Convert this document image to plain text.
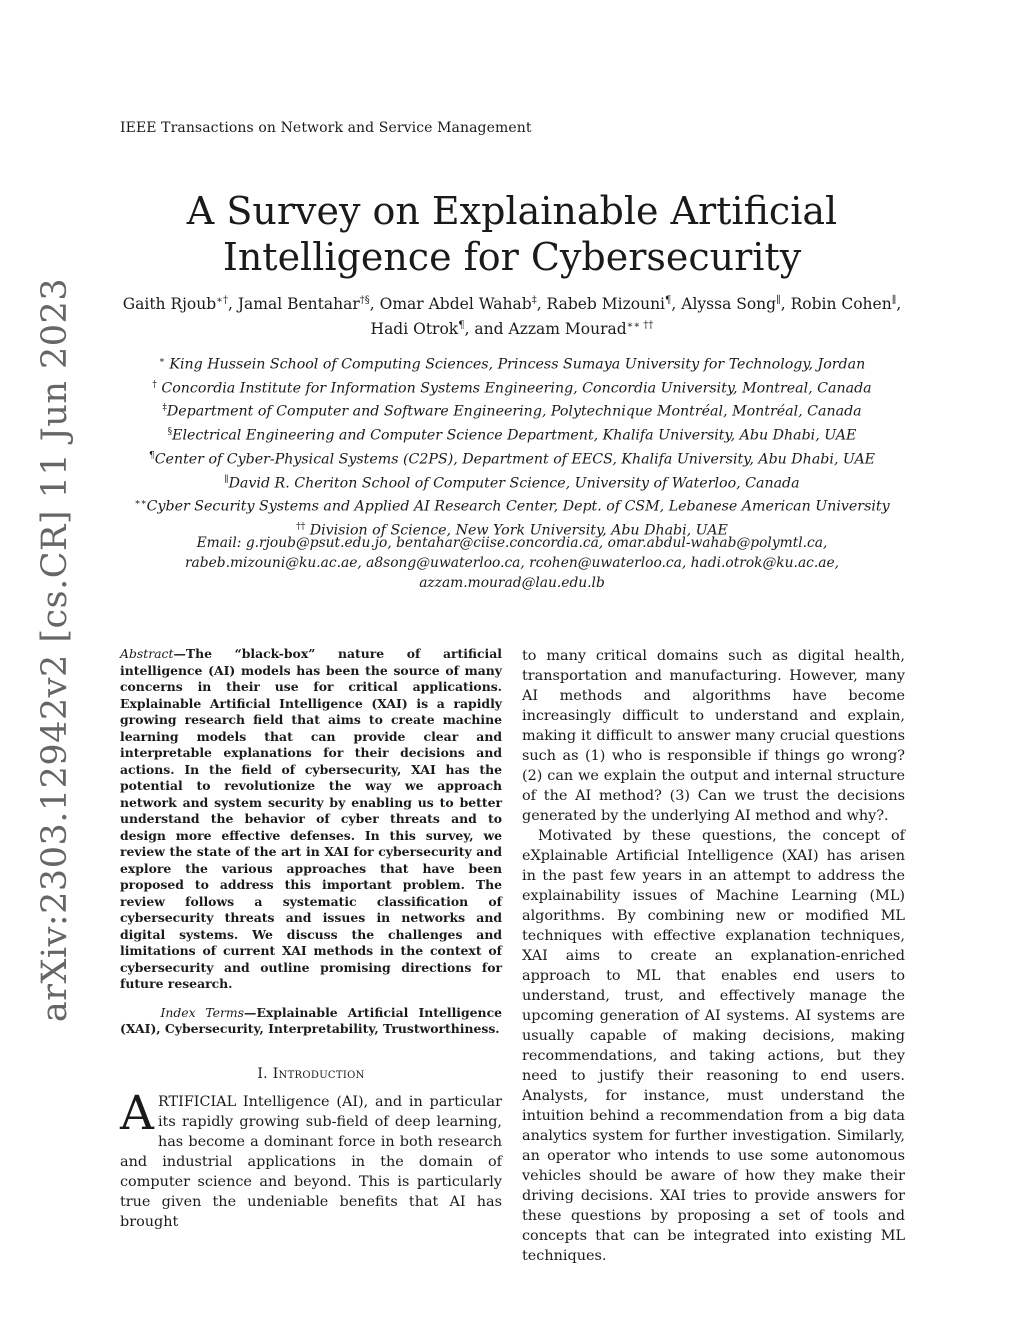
IEEE Transactions on Network and Service Management
arXiv:2303.12942v2 [cs.CR] 11 Jun 2023
A Survey on Explainable Artificial Intelligence for Cybersecurity
Gaith Rjoub∗†, Jamal Bentahar†§, Omar Abdel Wahab‡, Rabeb Mizouni¶, Alyssa Song∥, Robin Cohen∥, Hadi Otrok¶, and Azzam Mourad∗∗ ††
∗ King Hussein School of Computing Sciences, Princess Sumaya University for Technology, Jordan
† Concordia Institute for Information Systems Engineering, Concordia University, Montreal, Canada
‡Department of Computer and Software Engineering, Polytechnique Montréal, Montréal, Canada
§Electrical Engineering and Computer Science Department, Khalifa University, Abu Dhabi, UAE
¶Center of Cyber-Physical Systems (C2PS), Department of EECS, Khalifa University, Abu Dhabi, UAE
∥David R. Cheriton School of Computer Science, University of Waterloo, Canada
∗∗Cyber Security Systems and Applied AI Research Center, Dept. of CSM, Lebanese American University
†† Division of Science, New York University, Abu Dhabi, UAE
Email: g.rjoub@psut.edu.jo, bentahar@ciise.concordia.ca, omar.abdul-wahab@polymtl.ca,
rabeb.mizouni@ku.ac.ae, a8song@uwaterloo.ca, rcohen@uwaterloo.ca, hadi.otrok@ku.ac.ae,
azzam.mourad@lau.edu.lb

Abstract—The “black-box” nature of artificial intelligence (AI) models has been the source of many concerns in their use for critical applications. Explainable Artificial Intelligence (XAI) is a rapidly growing research field that aims to create machine learning models that can provide clear and interpretable explanations for their decisions and actions. In the field of cybersecurity, XAI has the potential to revolutionize the way we approach network and system security by enabling us to better understand the behavior of cyber threats and to design more effective defenses. In this survey, we review the state of the art in XAI for cybersecurity and explore the various approaches that have been proposed to address this important problem. The review follows a systematic classification of cybersecurity threats and issues in networks and digital systems. We discuss the challenges and limitations of current XAI methods in the context of cybersecurity and outline promising directions for future research.

Index Terms—Explainable Artificial Intelligence (XAI), Cybersecurity, Interpretability, Trustworthiness.

I. Introduction

ARTIFICIAL Intelligence (AI), and in particular its rapidly growing sub-field of deep learning, has become a dominant force in both research and industrial applications in the domain of computer science and beyond. This is particularly true given the undeniable benefits that AI has brought

to many critical domains such as digital health, transportation and manufacturing. However, many AI methods and algorithms have become increasingly difficult to understand and explain, making it difficult to answer many crucial questions such as (1) who is responsible if things go wrong? (2) can we explain the output and internal structure of the AI method? (3) Can we trust the decisions generated by the underlying AI method and why?.

Motivated by these questions, the concept of eXplainable Artificial Intelligence (XAI) has arisen in the past few years in an attempt to address the explainability issues of Machine Learning (ML) algorithms. By combining new or modified ML techniques with effective explanation techniques, XAI aims to create an explanation-enriched approach to ML that enables end users to understand, trust, and effectively manage the upcoming generation of AI systems. AI systems are usually capable of making decisions, making recommendations, and taking actions, but they need to justify their reasoning to end users. Analysts, for instance, must understand the intuition behind a recommendation from a big data analytics system for further investigation. Similarly, an operator who intends to use some autonomous vehicles should be aware of how they make their driving decisions. XAI tries to provide answers for these questions by proposing a set of tools and concepts that can be integrated into existing ML techniques.
